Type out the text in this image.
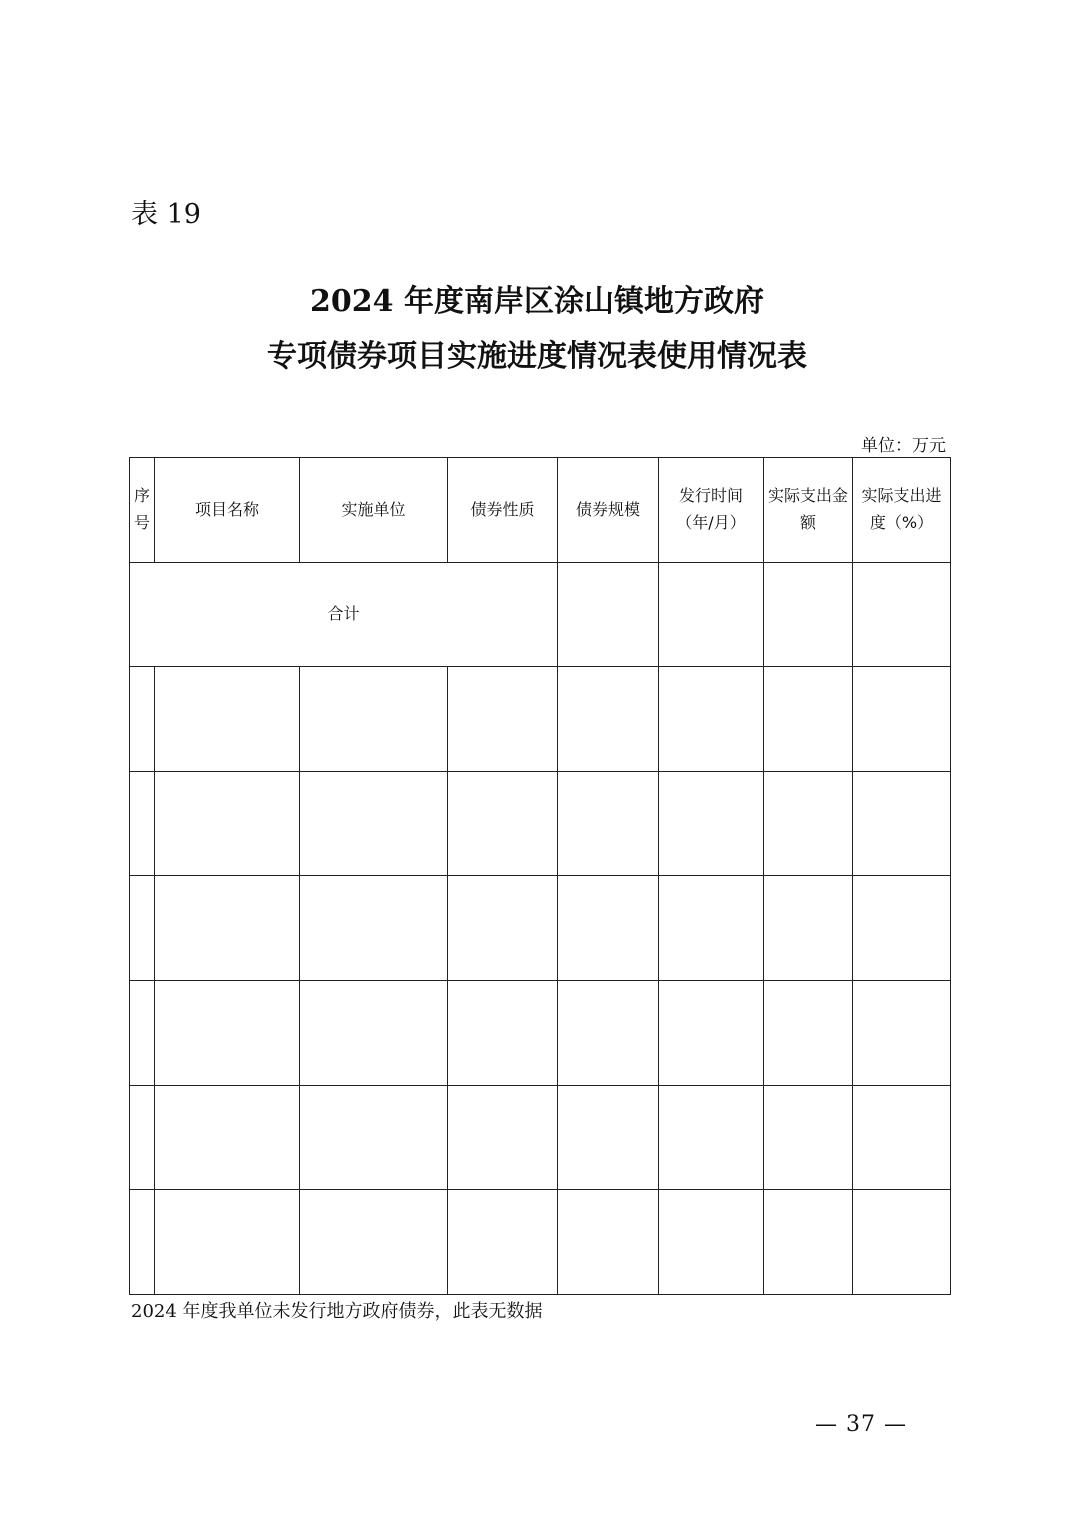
表 19
2024 年度南岸区涂山镇地方政府
专项债券项目实施进度情况表使用情况表
单位：万元
序号	项目名称	实施单位	债券性质	债券规模	发行时间（年/月）	实际支出金额	实际支出进度（%）
合计							

2024 年度我单位未发行地方政府债券，此表无数据
— 37 —
